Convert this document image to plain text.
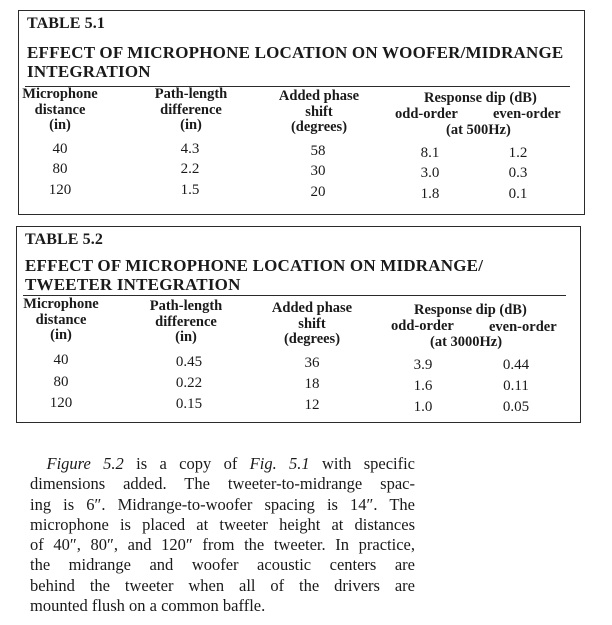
TABLE 5.1
EFFECT OF MICROPHONE LOCATION ON WOOFER/MIDRANGE
INTEGRATION
Microphone
distance
(in)
Path-length
difference
(in)
Added phase
shift
(degrees)
Response dip (dB)
odd-order even-order
(at 500Hz)
40	4.3	58	8.1	1.2
80	2.2	30	3.0	0.3
120	1.5	20	1.8	0.1
TABLE 5.2
EFFECT OF MICROPHONE LOCATION ON MIDRANGE/
TWEETER INTEGRATION
Microphone
distance
(in)
Path-length
difference
(in)
Added phase
shift
(degrees)
Response dip (dB)
odd-order even-order
(at 3000Hz)
40	0.45	36	3.9	0.44
80	0.22	18	1.6	0.11
120	0.15	12	1.0	0.05
 Figure 5.2 is a copy of Fig. 5.1 with specific
dimensions added. The tweeter-to-midrange spac-
ing is 6″. Midrange-to-woofer spacing is 14″. The
microphone is placed at tweeter height at distances
of 40″, 80″, and 120″ from the tweeter. In practice,
the midrange and woofer acoustic centers are
behind the tweeter when all of the drivers are
mounted flush on a common baffle.
